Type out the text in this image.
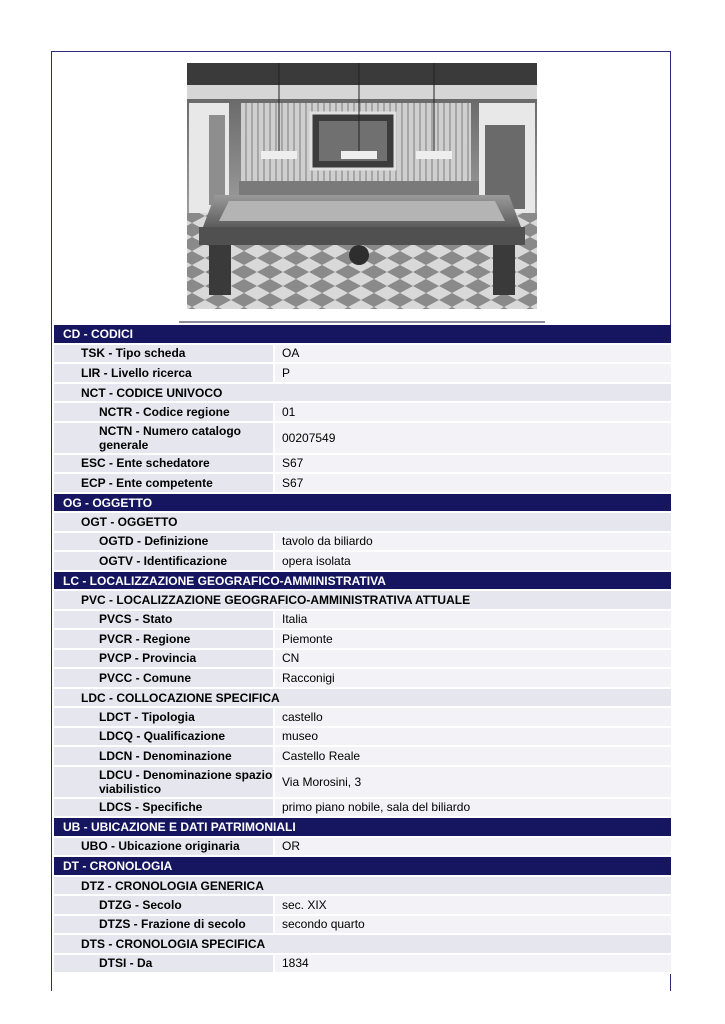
CD - CODICI
TSK - Tipo scheda	OA
LIR - Livello ricerca	P
NCT - CODICE UNIVOCO
NCTR - Codice regione	01
NCTN - Numero catalogo generale	00207549
ESC - Ente schedatore	S67
ECP - Ente competente	S67
OG - OGGETTO
OGT - OGGETTO
OGTD - Definizione	tavolo da biliardo
OGTV - Identificazione	opera isolata
LC - LOCALIZZAZIONE GEOGRAFICO-AMMINISTRATIVA
PVC - LOCALIZZAZIONE GEOGRAFICO-AMMINISTRATIVA ATTUALE
PVCS - Stato	Italia
PVCR - Regione	Piemonte
PVCP - Provincia	CN
PVCC - Comune	Racconigi
LDC - COLLOCAZIONE SPECIFICA
LDCT - Tipologia	castello
LDCQ - Qualificazione	museo
LDCN - Denominazione	Castello Reale
LDCU - Denominazione spazio viabilistico	Via Morosini, 3
LDCS - Specifiche	primo piano nobile, sala del biliardo
UB - UBICAZIONE E DATI PATRIMONIALI
UBO - Ubicazione originaria	OR
DT - CRONOLOGIA
DTZ - CRONOLOGIA GENERICA
DTZG - Secolo	sec. XIX
DTZS - Frazione di secolo	secondo quarto
DTS - CRONOLOGIA SPECIFICA
DTSI - Da	1834
